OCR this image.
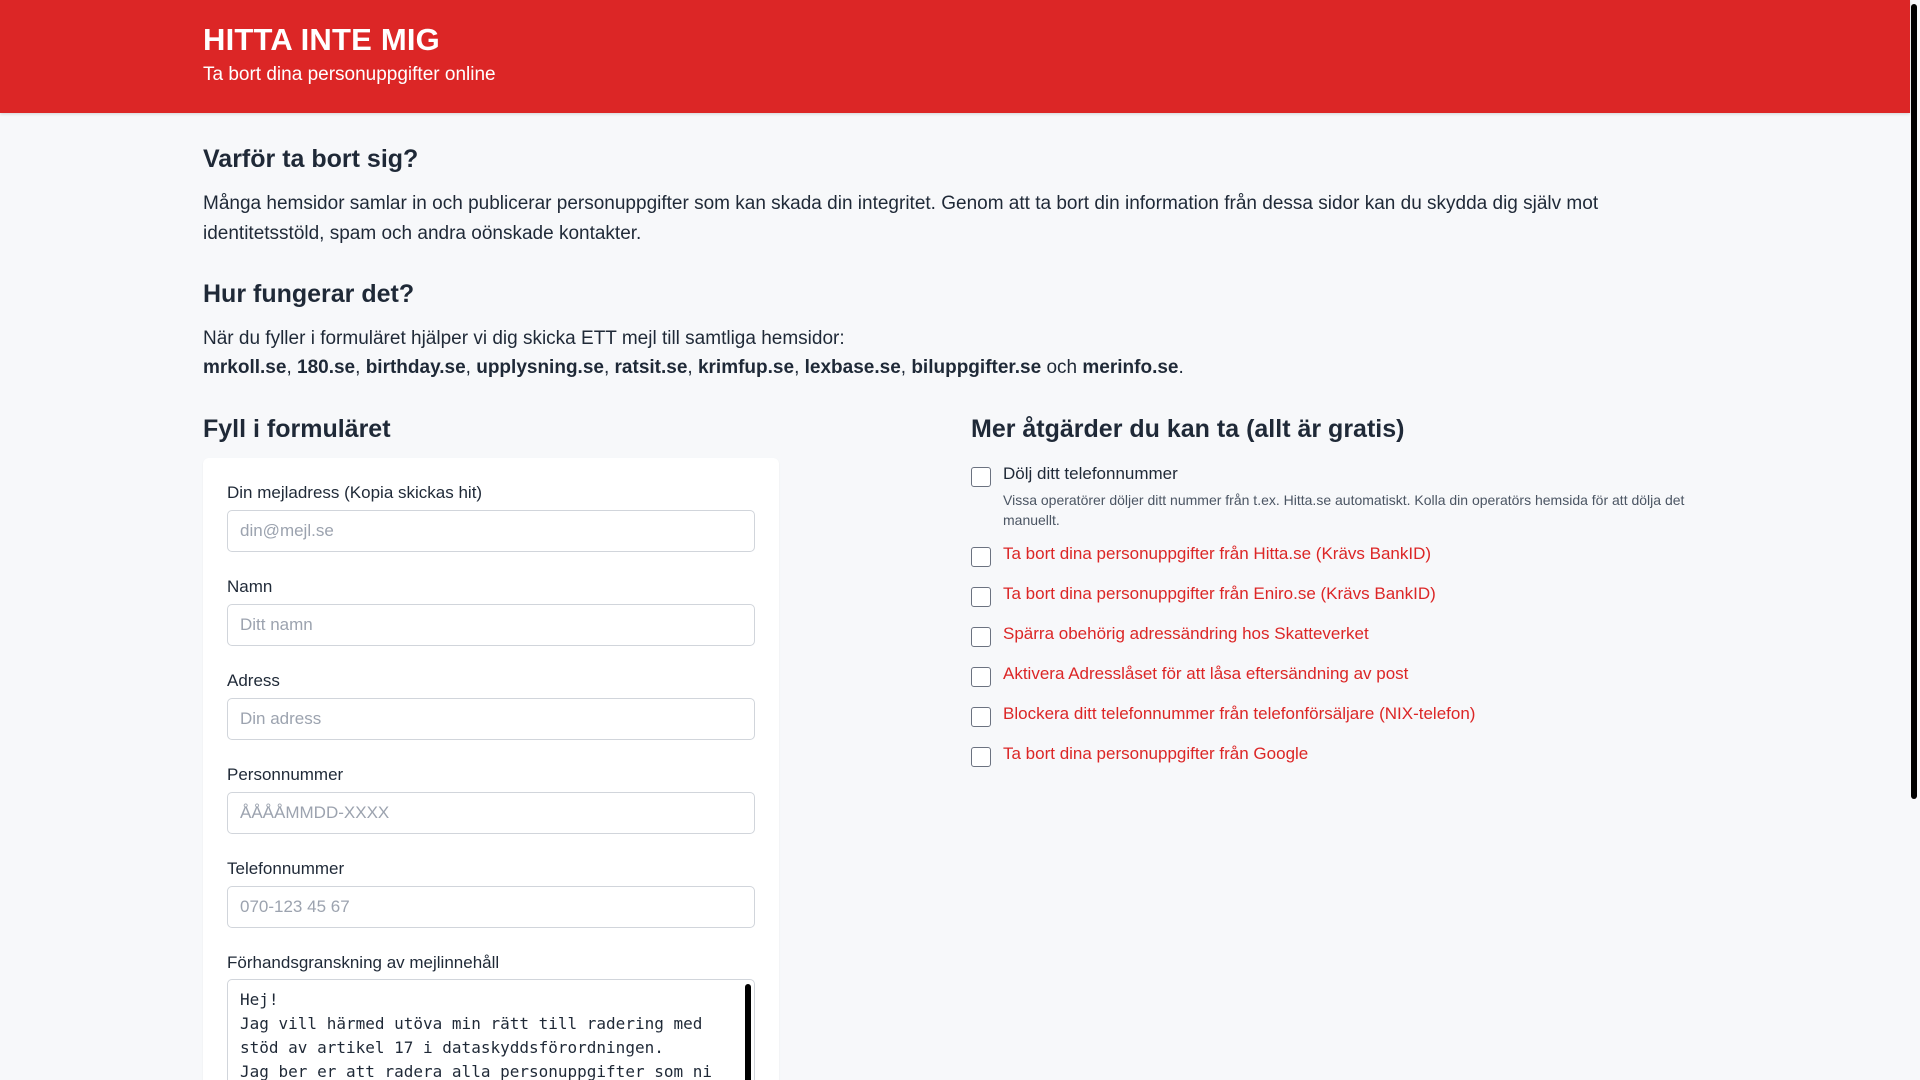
HITTA INTE MIG
Ta bort dina personuppgifter online
Varför ta bort sig?

Många hemsidor samlar in och publicerar personuppgifter som kan skada din integritet. Genom att ta bort din information från dessa sidor kan du skydda dig själv mot identitetsstöld, spam och andra oönskade kontakter.

Hur fungerar det?
När du fyller i formuläret hjälper vi dig skicka ETT mejl till samtliga hemsidor:
mrkoll.se, 180.se, birthday.se, upplysning.se, ratsit.se, krimfup.se, lexbase.se, biluppgifter.se och merinfo.se.
Fyll i formuläret
Din mejladress (Kopia skickas hit)
din@mejl.se
Namn
Ditt namn
Adress
Din adress
Personnummer
ÅÅÅÅMMDD-XXXX
Telefonnummer
070-123 45 67
Förhandsgranskning av mejlinnehåll
Hej!
Jag vill härmed utöva min rätt till radering med stöd av artikel 17 i dataskyddsförordningen.
Jag ber er att radera alla personuppgifter som ni
Mer åtgärder du kan ta (allt är gratis)
Dölj ditt telefonnummer
Vissa operatörer döljer ditt nummer från t.ex. Hitta.se automatiskt. Kolla din operatörs hemsida för att dölja det manuellt.
Ta bort dina personuppgifter från Hitta.se (Krävs BankID)
Ta bort dina personuppgifter från Eniro.se (Krävs BankID)
Spärra obehörig adressändring hos Skatteverket
Aktivera Adresslåset för att låsa eftersändning av post
Blockera ditt telefonnummer från telefonförsäljare (NIX-telefon)
Ta bort dina personuppgifter från Google
